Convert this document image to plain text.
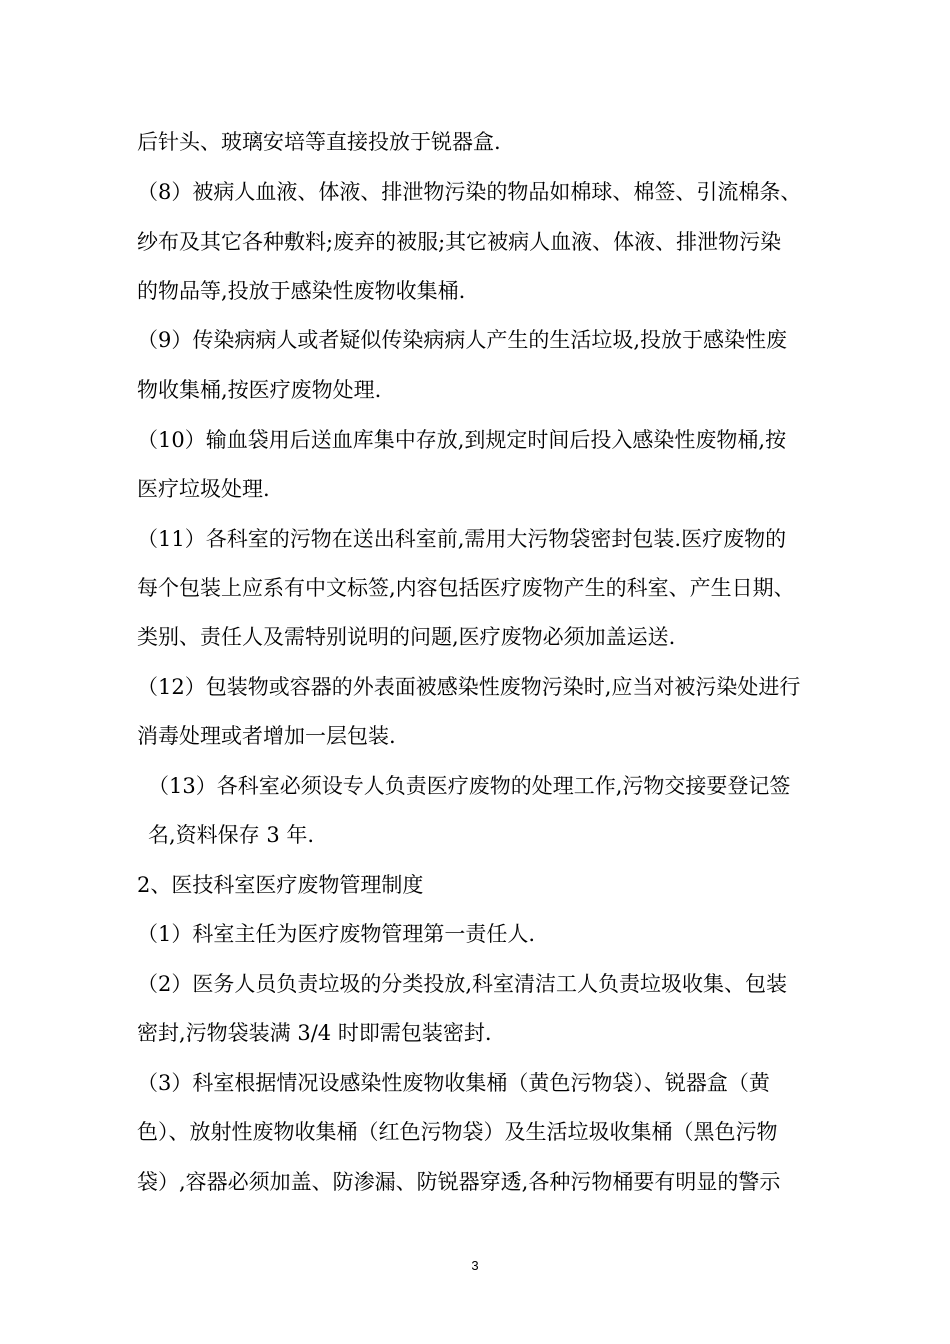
后针头、玻璃安培等直接投放于锐器盒.
（8）被病人血液、体液、排泄物污染的物品如棉球、棉签、引流棉条、
纱布及其它各种敷料;废弃的被服;其它被病人血液、体液、排泄物污染
的物品等,投放于感染性废物收集桶.
（9）传染病病人或者疑似传染病病人产生的生活垃圾,投放于感染性废
物收集桶,按医疗废物处理.
（10）输血袋用后送血库集中存放,到规定时间后投入感染性废物桶,按
医疗垃圾处理.
（11）各科室的污物在送出科室前,需用大污物袋密封包装.医疗废物的
每个包装上应系有中文标签,内容包括医疗废物产生的科室、产生日期、
类别、责任人及需特别说明的问题,医疗废物必须加盖运送.
（12）包装物或容器的外表面被感染性废物污染时,应当对被污染处进行
消毒处理或者增加一层包装.
（13）各科室必须设专人负责医疗废物的处理工作,污物交接要登记签
名,资料保存 3 年.
2、医技科室医疗废物管理制度
（1）科室主任为医疗废物管理第一责任人.
（2）医务人员负责垃圾的分类投放,科室清洁工人负责垃圾收集、包装
密封,污物袋装满 3/4 时即需包装密封.
（3）科室根据情况设感染性废物收集桶（黄色污物袋）、锐器盒（黄
色）、放射性废物收集桶（红色污物袋）及生活垃圾收集桶（黑色污物
袋）,容器必须加盖、防渗漏、防锐器穿透,各种污物桶要有明显的警示
3
